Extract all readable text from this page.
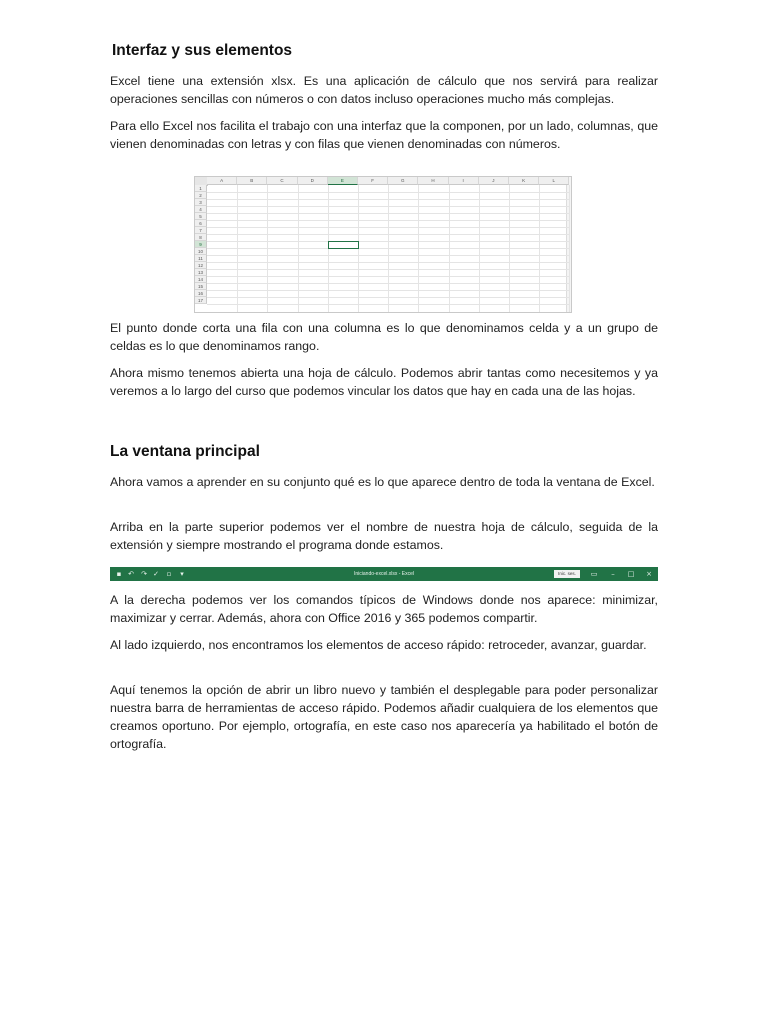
Interfaz y sus elementos

Excel tiene una extensión xlsx. Es una aplicación de cálculo que nos servirá para realizar operaciones sencillas con números o con datos incluso operaciones mucho más complejas.

Para ello Excel nos facilita el trabajo con una interfaz que la componen, por un lado, columnas, que vienen denominadas con letras y con filas que vienen denominadas con números.

A	B	C	D	E	F	G	H	I	J	K	L
1
2
3
4
5
6
7
8
9
10
11
12
13
14
15
16
17

El punto donde corta una fila con una columna es lo que denominamos celda y a un grupo de celdas es lo que denominamos rango.

Ahora mismo tenemos abierta una hoja de cálculo. Podemos abrir tantas como necesitemos y ya veremos a lo largo del curso que podemos vincular los datos que hay en cada una de las hojas.

La ventana principal

Ahora vamos a aprender en su conjunto qué es lo que aparece dentro de toda la ventana de Excel.

Arriba en la parte superior podemos ver el nombre de nuestra hoja de cálculo, seguida de la extensión y siempre mostrando el programa donde estamos.

▪ ↶ ↷ ✓ ▫	▾	Iniciando-excel.xlsx - Excel	Inic. ses.	▭	–	□ ×

A la derecha podemos ver los comandos típicos de Windows donde nos aparece: minimizar, maximizar y cerrar. Además, ahora con Office 2016 y 365 podemos compartir.

Al lado izquierdo, nos encontramos los elementos de acceso rápido: retroceder, avanzar, guardar.

Aquí tenemos la opción de abrir un libro nuevo y también el desplegable para poder personalizar nuestra barra de herramientas de acceso rápido. Podemos añadir cualquiera de los elementos que creamos oportuno. Por ejemplo, ortografía, en este caso nos aparecería ya habilitado el botón de ortografía.
